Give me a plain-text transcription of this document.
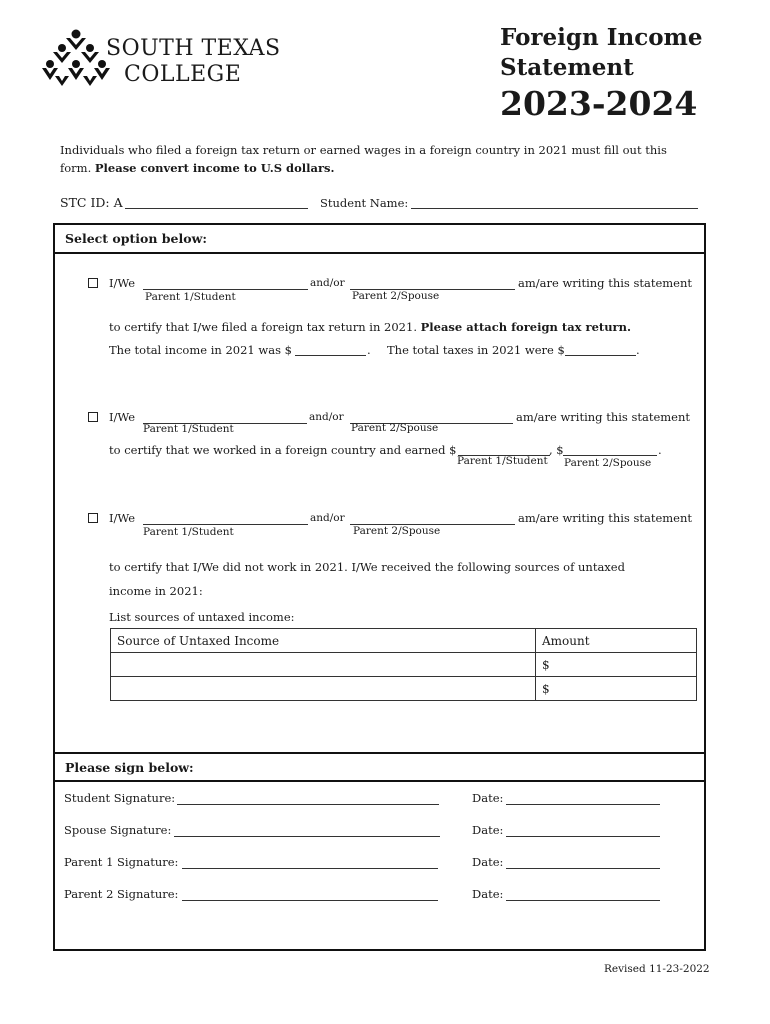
SOUTH TEXAS
COLLEGE
Foreign Income
Statement
2023-2024
Individuals who filed a foreign tax return or earned wages in a foreign country in 2021 must fill out this
form. Please convert income to U.S dollars.
STC ID: A	Student Name:
Select option below:
I/We
Parent 1/Student
and/or
Parent 2/Spouse
am/are writing this statement
to certify that I/we filed a foreign tax return in 2021. Please attach foreign tax return.
The total income in 2021 was $	. The total taxes in 2021 were $	.
I/We
Parent 1/Student
and/or
Parent 2/Spouse
am/are writing this statement
to certify that we worked in a foreign country and earned $
Parent 1/Student
, $
Parent 2/Spouse
.
I/We
Parent 1/Student
and/or
Parent 2/Spouse
am/are writing this statement
to certify that I/We did not work in 2021. I/We received the following sources of untaxed
income in 2021:
List sources of untaxed income:
Source of Untaxed Income	Amount
	$
	$
Please sign below:
Student Signature:	Date:
Spouse Signature:	Date:
Parent 1 Signature:	Date:
Parent 2 Signature:	Date:
Revised 11-23-2022
